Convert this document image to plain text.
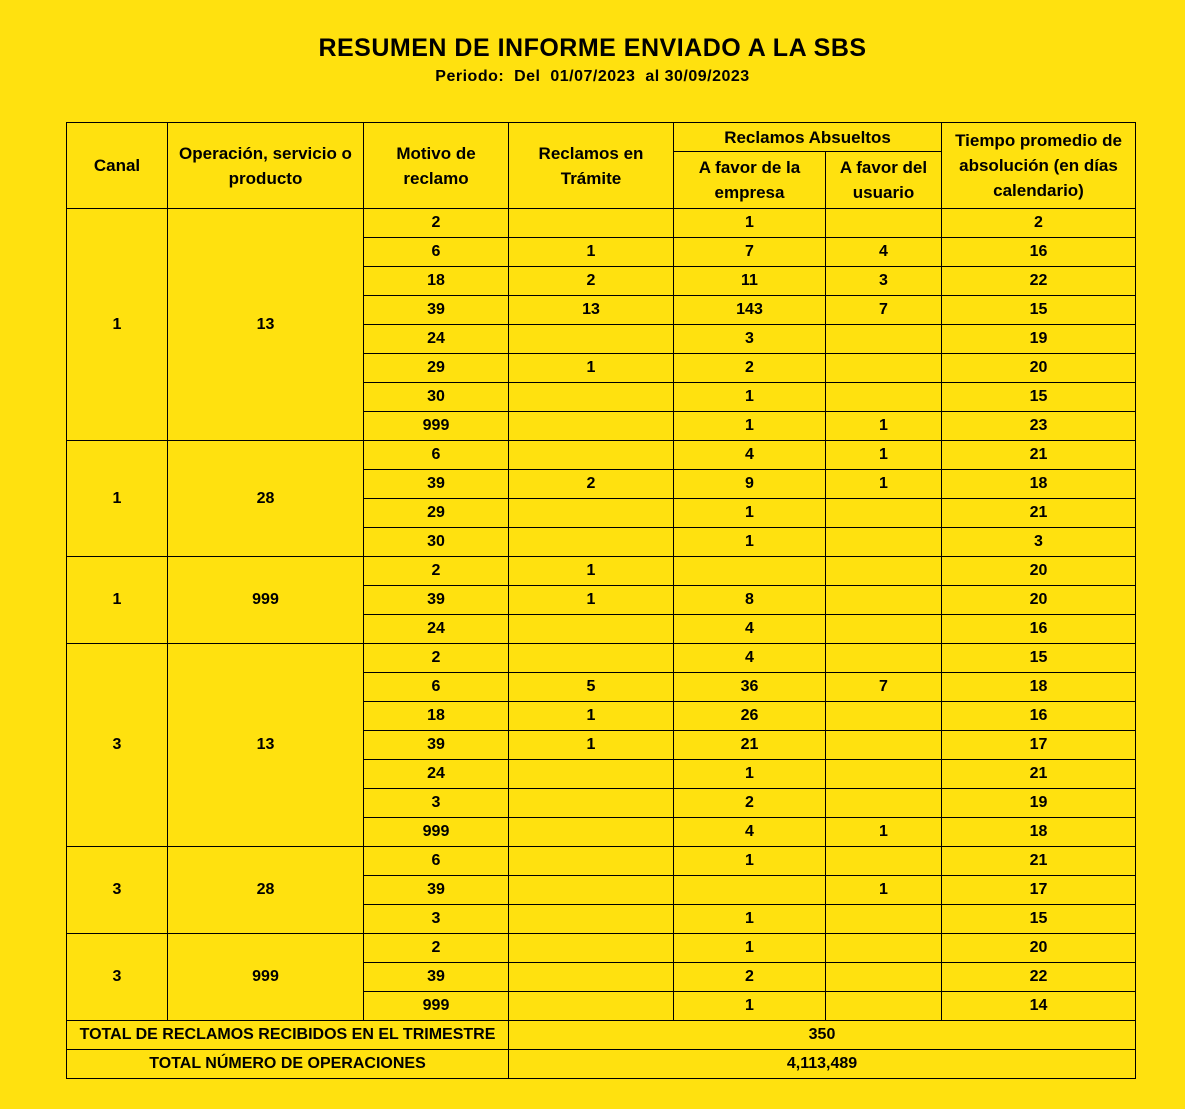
RESUMEN DE INFORME ENVIADO A LA SBS
Periodo:  Del  01/07/2023  al 30/09/2023
Canal	Operación, servicio o producto	Motivo de reclamo	Reclamos en Trámite	Reclamos Absueltos		Tiempo promedio de absolución (en días calendario)
				A favor de la empresa	A favor del usuario	
1	13	2		1		2
		6	1	7	4	16
		18	2	11	3	22
		39	13	143	7	15
		24		3		19
		29	1	2		20
		30		1		15
		999		1	1	23
1	28	6		4	1	21
		39	2	9	1	18
		29		1		21
		30		1		3
1	999	2	1			20
		39	1	8		20
		24		4		16
3	13	2		4		15
		6	5	36	7	18
		18	1	26		16
		39	1	21		17
		24		1		21
		3		2		19
		999		4	1	18
3	28	6		1		21
		39			1	17
		3		1		15
3	999	2		1		20
		39		2		22
		999		1		14
TOTAL DE RECLAMOS RECIBIDOS EN EL TRIMESTRE			350			
TOTAL NÚMERO DE OPERACIONES			4,113,489			
